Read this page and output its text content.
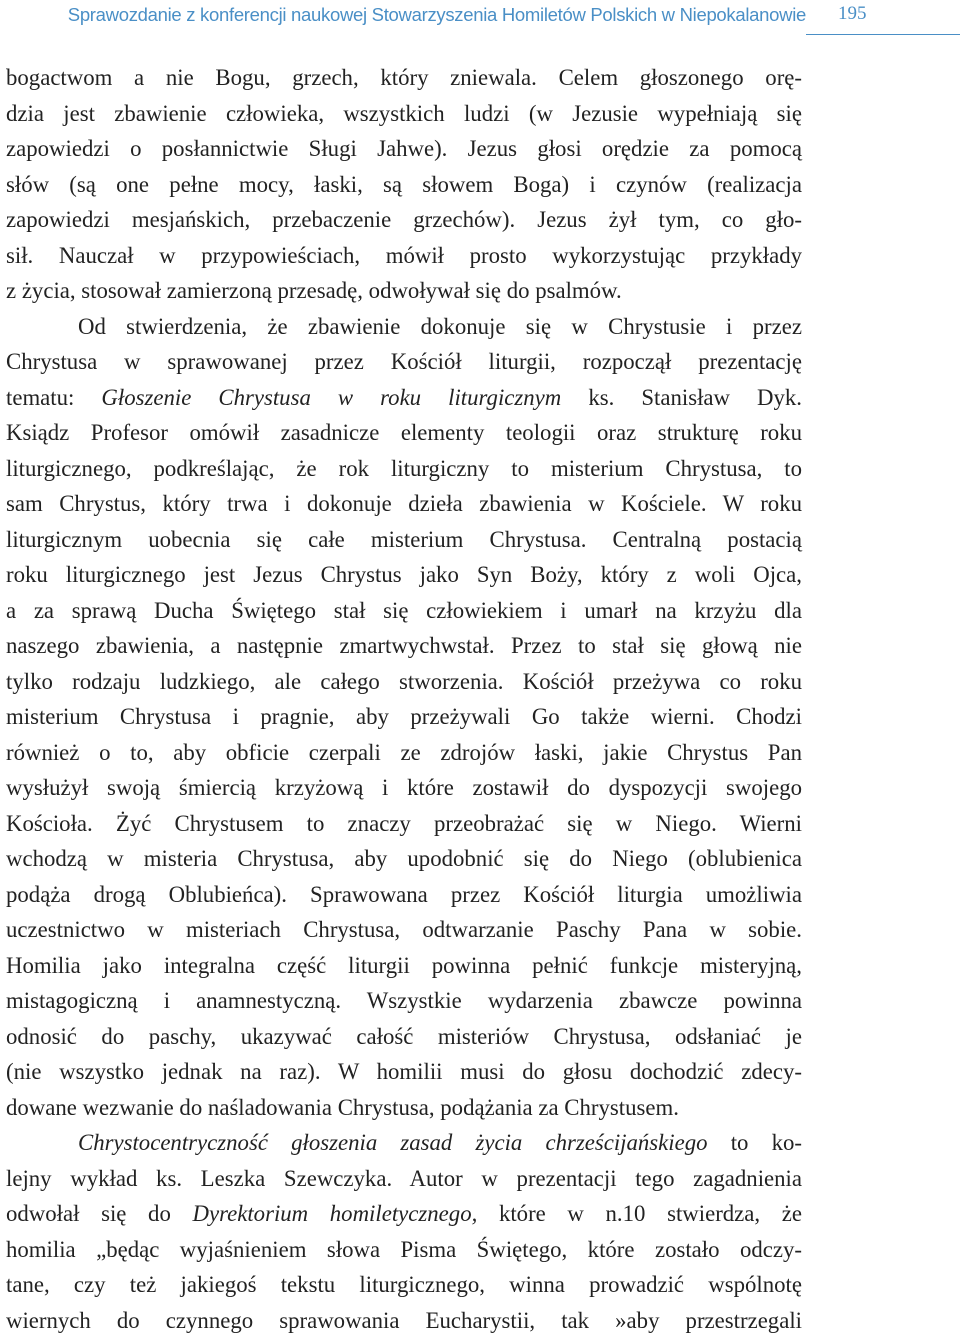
Sprawozdanie z konferencji naukowej Stowarzyszenia Homiletów Polskich w Niepokalanowie 195
bogactwom a nie Bogu, grzech, który zniewala. Celem głoszonego orę-
dzia jest zbawienie człowieka, wszystkich ludzi (w Jezusie wypełniają się
zapowiedzi o posłannictwie Sługi Jahwe). Jezus głosi orędzie za pomocą
słów (są one pełne mocy, łaski, są słowem Boga) i czynów (realizacja
zapowiedzi mesjańskich, przebaczenie grzechów). Jezus żył tym, co gło-
sił. Nauczał w przypowieściach, mówił prosto wykorzystując przykłady
z życia, stosował zamierzoną przesadę, odwoływał się do psalmów.
Od stwierdzenia, że zbawienie dokonuje się w Chrystusie i przez
Chrystusa w sprawowanej przez Kościół liturgii, rozpoczął prezentację
tematu: Głoszenie Chrystusa w roku liturgicznym ks. Stanisław Dyk.
Ksiądz Profesor omówił zasadnicze elementy teologii oraz strukturę roku
liturgicznego, podkreślając, że rok liturgiczny to misterium Chrystusa, to
sam Chrystus, który trwa i dokonuje dzieła zbawienia w Kościele. W roku
liturgicznym uobecnia się całe misterium Chrystusa. Centralną postacią
roku liturgicznego jest Jezus Chrystus jako Syn Boży, który z woli Ojca,
a za sprawą Ducha Świętego stał się człowiekiem i umarł na krzyżu dla
naszego zbawienia, a następnie zmartwychwstał. Przez to stał się głową nie
tylko rodzaju ludzkiego, ale całego stworzenia. Kościół przeżywa co roku
misterium Chrystusa i pragnie, aby przeżywali Go także wierni. Chodzi
również o to, aby obficie czerpali ze zdrojów łaski, jakie Chrystus Pan
wysłużył swoją śmiercią krzyżową i które zostawił do dyspozycji swojego
Kościoła. Żyć Chrystusem to znaczy przeobrażać się w Niego. Wierni
wchodzą w misteria Chrystusa, aby upodobnić się do Niego (oblubienica
podąża drogą Oblubieńca). Sprawowana przez Kościół liturgia umożliwia
uczestnictwo w misteriach Chrystusa, odtwarzanie Paschy Pana w sobie.
Homilia jako integralna część liturgii powinna pełnić funkcje misteryjną,
mistagogiczną i anamnestyczną. Wszystkie wydarzenia zbawcze powinna
odnosić do paschy, ukazywać całość misteriów Chrystusa, odsłaniać je
(nie wszystko jednak na raz). W homilii musi do głosu dochodzić zdecy-
dowane wezwanie do naśladowania Chrystusa, podążania za Chrystusem.
Chrystocentryczność głoszenia zasad życia chrześcijańskiego to ko-
lejny wykład ks. Leszka Szewczyka. Autor w prezentacji tego zagadnienia
odwołał się do Dyrektorium homiletycznego, które w n.10 stwierdza, że
homilia „będąc wyjaśnieniem słowa Pisma Świętego, które zostało odczy-
tane, czy też jakiegoś tekstu liturgicznego, winna prowadzić wspólnotę
wiernych do czynnego sprawowania Eucharystii, tak »aby przestrzegali
